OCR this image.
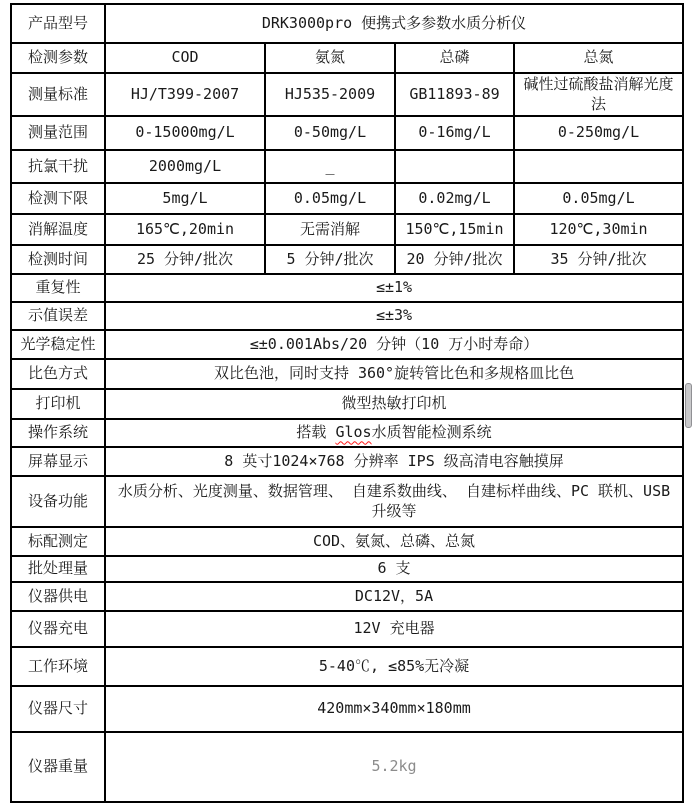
产品型号	DRK3000pro 便携式多参数水质分析仪			
检测参数	COD	氨氮	总磷	总氮
测量标准	HJ/T399-2007	HJ535-2009	GB11893-89	碱性过硫酸盐消解光度法
测量范围	0-15000mg/L	0-50mg/L	0-16mg/L	0-250mg/L
抗氯干扰	2000mg/L	_		
检测下限	5mg/L	0.05mg/L	0.02mg/L	0.05mg/L
消解温度	165℃,20min	无需消解	150℃,15min	120℃,30min
检测时间	25 分钟/批次	5 分钟/批次	20 分钟/批次	35 分钟/批次
重复性	≤±1%			
示值误差	≤±3%			
光学稳定性	≤±0.001Abs/20 分钟（10 万小时寿命）			
比色方式	双比色池，同时支持 360°旋转管比色和多规格皿比色			
打印机	微型热敏打印机			
操作系统	搭载 Glos水质智能检测系统			
屏幕显示	8 英寸1024×768 分辨率 IPS 级高清电容触摸屏			
设备功能	水质分析、光度测量、数据管理、 自建系数曲线、 自建标样曲线、PC 联机、USB 升级等			
标配测定	COD、氨氮、总磷、总氮			
批处理量	6 支			
仪器供电	DC12V，5A			
仪器充电	12V 充电器			
工作环境	5-40℃, ≤85%无冷凝			
仪器尺寸	420mm×340mm×180mm			
仪器重量	5.2kg			
